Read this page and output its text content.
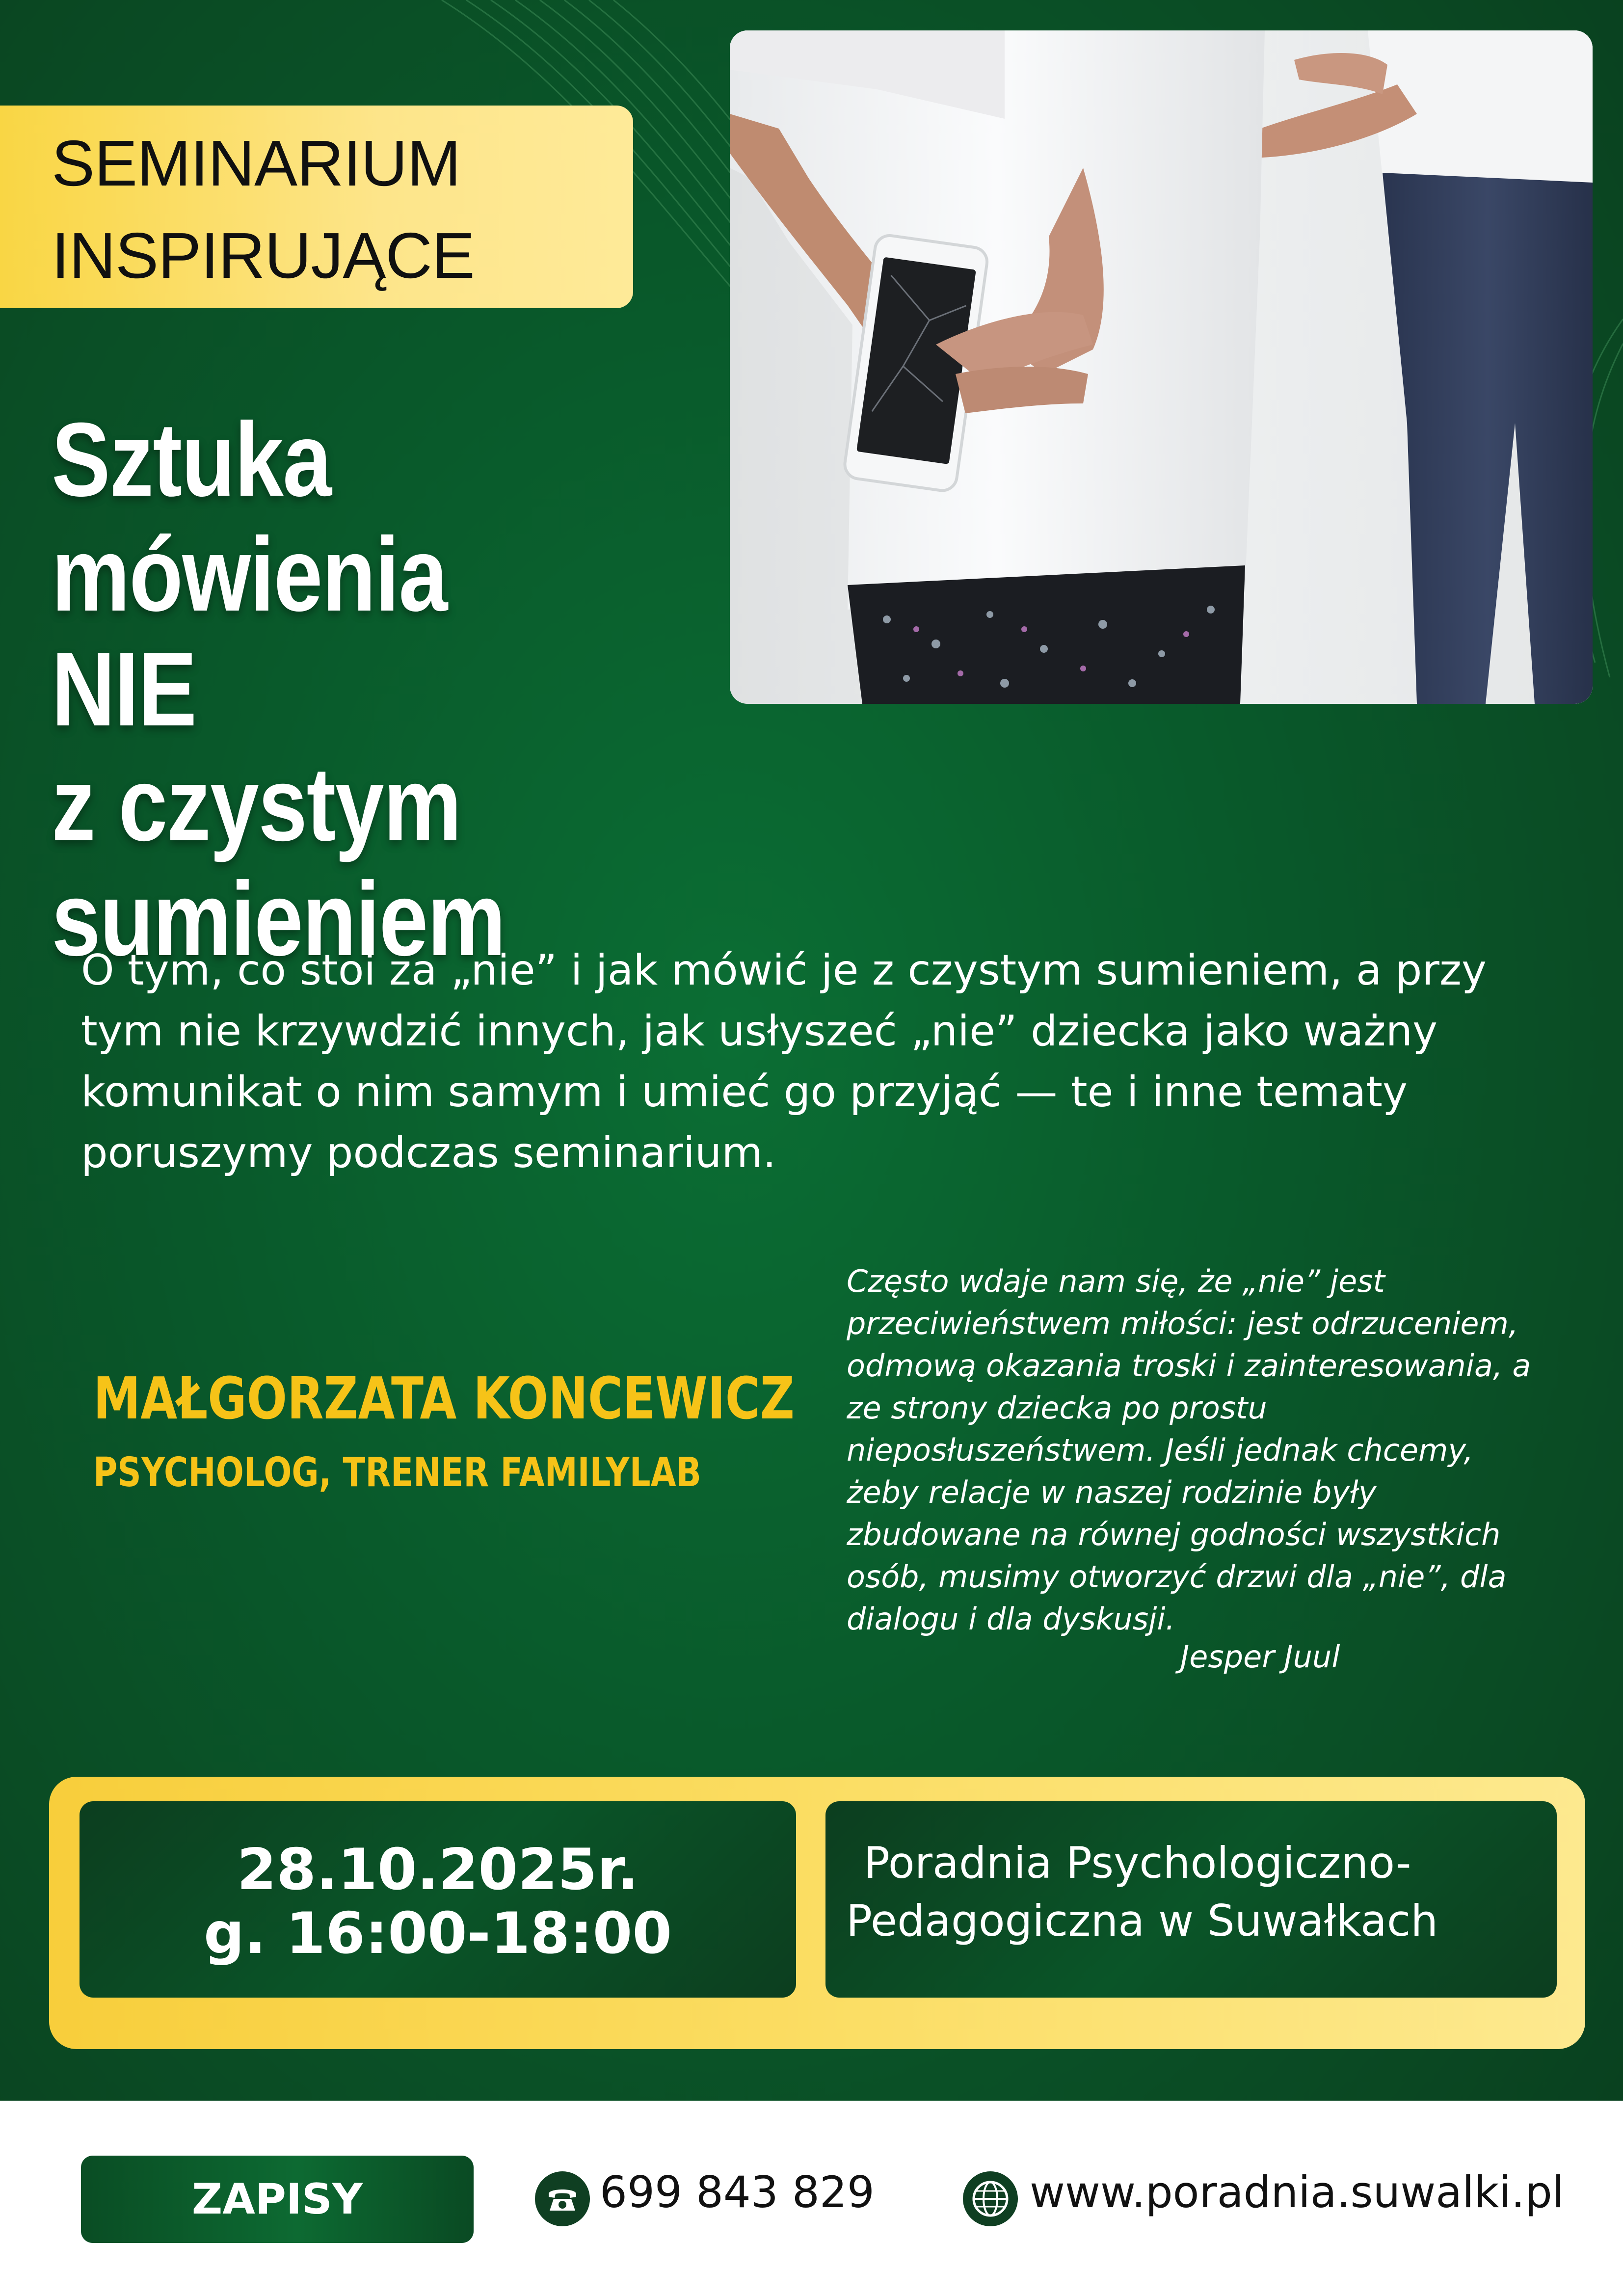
SEMINARIUM
INSPIRUJĄCE
Sztuka
mówienia NIE
z czystym
sumieniem
O tym, co stoi za „nie” i jak mówić je z czystym sumieniem, a przy
tym nie krzywdzić innych, jak usłyszeć „nie” dziecka jako ważny
komunikat o nim samym i umieć go przyjąć — te i inne tematy
poruszymy podczas seminarium.
MAŁGORZATA KONCEWICZ
PSYCHOLOG, TRENER FAMILYLAB
Często wdaje nam się, że „nie” jest
przeciwieństwem miłości: jest odrzuceniem,
odmową okazania troski i zainteresowania, a
ze strony dziecka po prostu
nieposłuszeństwem. Jeśli jednak chcemy,
żeby relacje w naszej rodzinie były
zbudowane na równej godności wszystkich
osób, musimy otworzyć drzwi dla „nie”, dla
dialogu i dla dyskusji.
Jesper Juul
28.10.2025r.
g. 16:00-18:00
Poradnia Psychologiczno-
Pedagogiczna w Suwałkach
ZAPISY	699 843 829	www.poradnia.suwalki.pl
